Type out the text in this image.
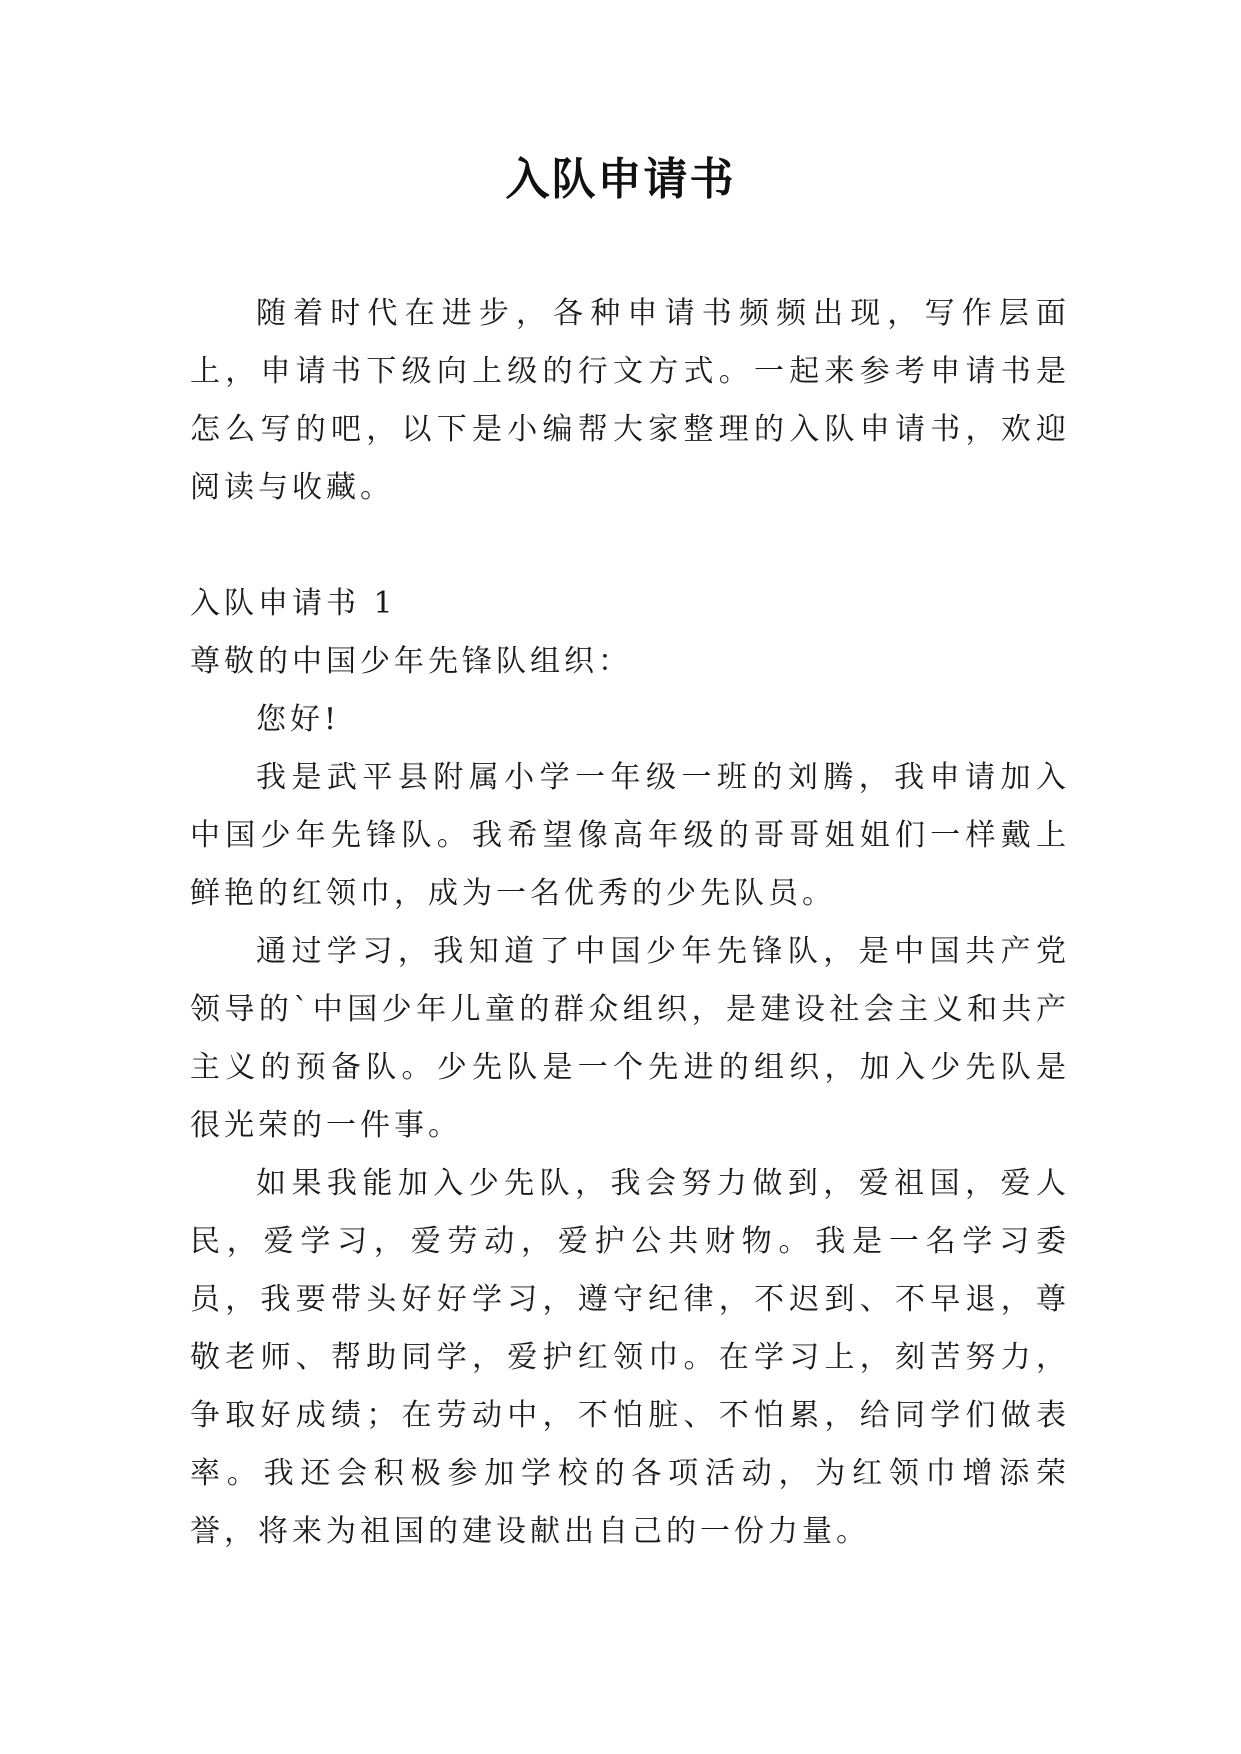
入队申请书

随着时代在进步，各种申请书频频出现，写作层面上，申请书下级向上级的行文方式。一起来参考申请书是怎么写的吧，以下是小编帮大家整理的入队申请书，欢迎阅读与收藏。

入队申请书 1

尊敬的中国少年先锋队组织：

您好!

我是武平县附属小学一年级一班的刘腾，我申请加入中国少年先锋队。我希望像高年级的哥哥姐姐们一样戴上鲜艳的红领巾，成为一名优秀的少先队员。

通过学习，我知道了中国少年先锋队，是中国共产党领导的`中国少年儿童的群众组织，是建设社会主义和共产主义的预备队。少先队是一个先进的组织，加入少先队是很光荣的一件事。

如果我能加入少先队，我会努力做到，爱祖国，爱人民，爱学习，爱劳动，爱护公共财物。我是一名学习委员，我要带头好好学习，遵守纪律，不迟到、不早退，尊敬老师、帮助同学，爱护红领巾。在学习上，刻苦努力，争取好成绩；在劳动中，不怕脏、不怕累，给同学们做表率。我还会积极参加学校的各项活动，为红领巾增添荣誉，将来为祖国的建设献出自己的一份力量。
